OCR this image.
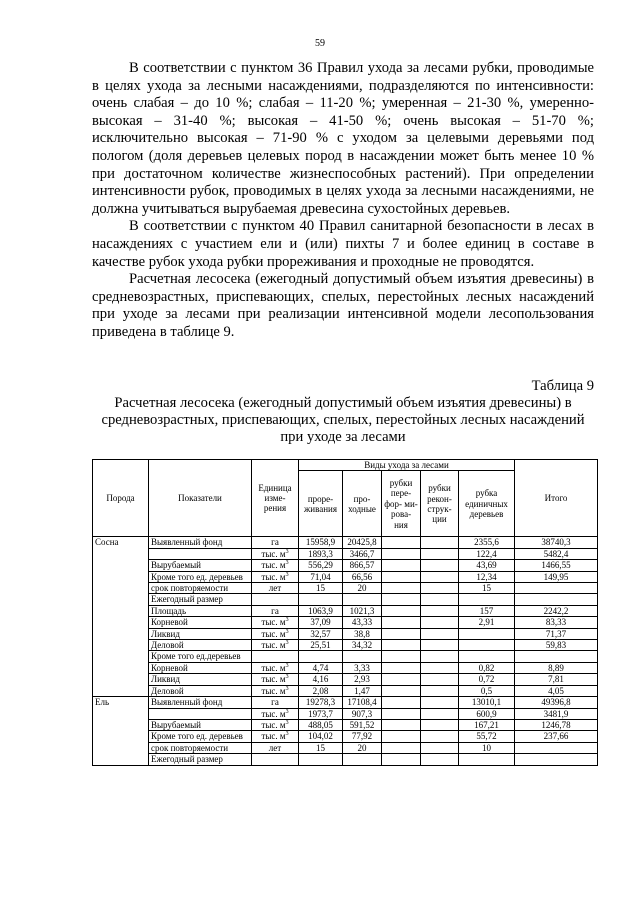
59

В соответствии с пунктом 36 Правил ухода за лесами рубки, проводимые в целях ухода за лесными насаждениями, подразделяются по интенсивности: очень слабая – до 10 %; слабая – 11-20 %; умеренная – 21-30 %, умеренно-высокая – 31-40 %; высокая – 41-50 %; очень высокая – 51-70 %; исключительно высокая – 71-90 % с уходом за целевыми деревьями под пологом (доля деревьев целевых пород в насаждении может быть менее 10 % при достаточном количестве жизнеспособных растений). При определении интенсивности рубок, проводимых в целях ухода за лесными насаждениями, не должна учитываться вырубаемая древесина сухостойных деревьев.

В соответствии с пунктом 40 Правил санитарной безопасности в лесах в насаждениях с участием ели и (или) пихты 7 и более единиц в составе в качестве рубок ухода рубки прореживания и проходные не проводятся.

Расчетная лесосека (ежегодный допустимый объем изъятия древесины) в средневозрастных, приспевающих, спелых, перестойных лесных насаждений при уходе за лесами при реализации интенсивной модели лесопользования приведена в таблице 9.

Таблица 9
Расчетная лесосека (ежегодный допустимый объем изъятия древесины) в средневозрастных, приспевающих, спелых, перестойных лесных насаждений при уходе за лесами
Порода	Показатели	Единица изме- рения	Виды ухода за лесами					Итого
			проре- живания	про- ходные	рубки пере- фор- ми- рова- ния	рубки рекон- струк- ции	рубка единичных деревьев	
Сосна	Выявленный фонд	га	15958,9	20425,8			2355,6	38740,3
		тыс. $м^3$	1893,3	3466,7			122,4	5482,4
	Вырубаемый	тыс. $м^3$	556,29	866,57			43,69	1466,55
	Кроме того ед. деревьев	тыс. $м^3$	71,04	66,56			12,34	149,95
	срок повторяемости	лет	15	20			15	
	Ежегодный размер							
	Площадь	га	1063,9	1021,3			157	2242,2
	Корневой	тыс. $м^3$	37,09	43,33			2,91	83,33
	Ликвид	тыс. $м^3$	32,57	38,8				71,37
	Деловой	тыс. $м^3$	25,51	34,32				59,83
	Кроме того ед.деревьев							
	Корневой	тыс. $м^3$	4,74	3,33			0,82	8,89
	Ликвид	тыс. $м^3$	4,16	2,93			0,72	7,81
	Деловой	тыс. $м^3$	2,08	1,47			0,5	4,05
Ель	Выявленный фонд	га	19278,3	17108,4			13010,1	49396,8
		тыс. $м^3$	1973,7	907,3			600,9	3481,9
	Вырубаемый	тыс. $м^3$	488,05	591,52			167,21	1246,78
	Кроме того ед. деревьев	тыс. $м^3$	104,02	77,92			55,72	237,66
	срок повторяемости	лет	15	20			10	
	Ежегодный размер							
